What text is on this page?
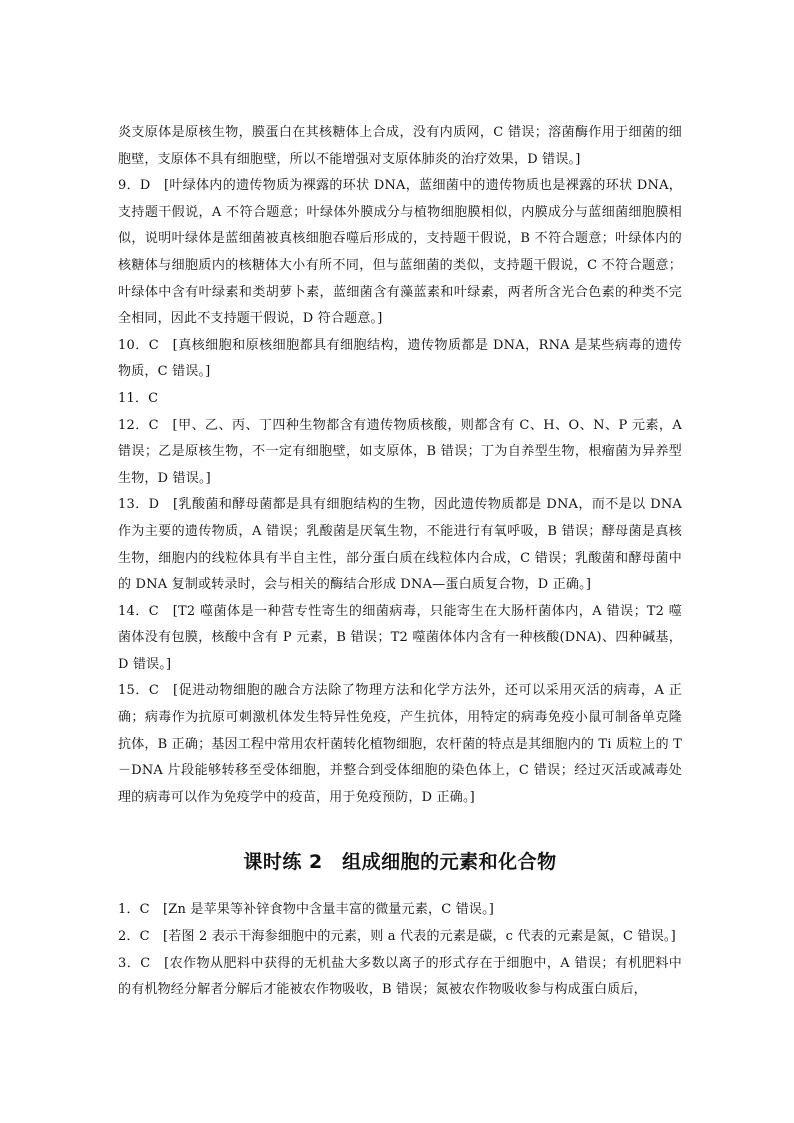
炎支原体是原核生物，膜蛋白在其核糖体上合成，没有内质网，C 错误；溶菌酶作用于细菌的细胞壁，支原体不具有细胞壁，所以不能增强对支原体肺炎的治疗效果，D 错误。]

9．D　[叶绿体内的遗传物质为裸露的环状 DNA，蓝细菌中的遗传物质也是裸露的环状 DNA，支持题干假说，A 不符合题意；叶绿体外膜成分与植物细胞膜相似，内膜成分与蓝细菌细胞膜相似，说明叶绿体是蓝细菌被真核细胞吞噬后形成的，支持题干假说，B 不符合题意；叶绿体内的核糖体与细胞质内的核糖体大小有所不同，但与蓝细菌的类似，支持题干假说，C 不符合题意；叶绿体中含有叶绿素和类胡萝卜素，蓝细菌含有藻蓝素和叶绿素，两者所含光合色素的种类不完全相同，因此不支持题干假说，D 符合题意。]

10．C　[真核细胞和原核细胞都具有细胞结构，遗传物质都是 DNA，RNA 是某些病毒的遗传物质，C 错误。]

11．C

12．C　[甲、乙、丙、丁四种生物都含有遗传物质核酸，则都含有 C、H、O、N、P 元素，A 错误；乙是原核生物，不一定有细胞壁，如支原体，B 错误；丁为自养型生物，根瘤菌为异养型生物，D 错误。]

13．D　[乳酸菌和酵母菌都是具有细胞结构的生物，因此遗传物质都是 DNA，而不是以 DNA 作为主要的遗传物质，A 错误；乳酸菌是厌氧生物，不能进行有氧呼吸，B 错误；酵母菌是真核生物，细胞内的线粒体具有半自主性，部分蛋白质在线粒体内合成，C 错误；乳酸菌和酵母菌中的 DNA 复制或转录时，会与相关的酶结合形成 DNA—蛋白质复合物，D 正确。]

14．C　[T2 噬菌体是一种营专性寄生的细菌病毒，只能寄生在大肠杆菌体内，A 错误；T2 噬菌体没有包膜，核酸中含有 P 元素，B 错误；T2 噬菌体体内含有一种核酸(DNA)、四种碱基，D 错误。]

15．C　[促进动物细胞的融合方法除了物理方法和化学方法外，还可以采用灭活的病毒，A 正确；病毒作为抗原可刺激机体发生特异性免疫，产生抗体，用特定的病毒免疫小鼠可制备单克隆抗体，B 正确；基因工程中常用农杆菌转化植物细胞，农杆菌的特点是其细胞内的 Ti 质粒上的 T－DNA 片段能够转移至受体细胞，并整合到受体细胞的染色体上，C 错误；经过灭活或减毒处理的病毒可以作为免疫学中的疫苗，用于免疫预防，D 正确。]

课时练 2　组成细胞的元素和化合物

1．C　[Zn 是苹果等补锌食物中含量丰富的微量元素，C 错误。]

2．C　[若图 2 表示干海参细胞中的元素，则 a 代表的元素是碳，c 代表的元素是氮，C 错误。]

3．C　[农作物从肥料中获得的无机盐大多数以离子的形式存在于细胞中，A 错误；有机肥料中的有机物经分解者分解后才能被农作物吸收，B 错误；氮被农作物吸收参与构成蛋白质后，
